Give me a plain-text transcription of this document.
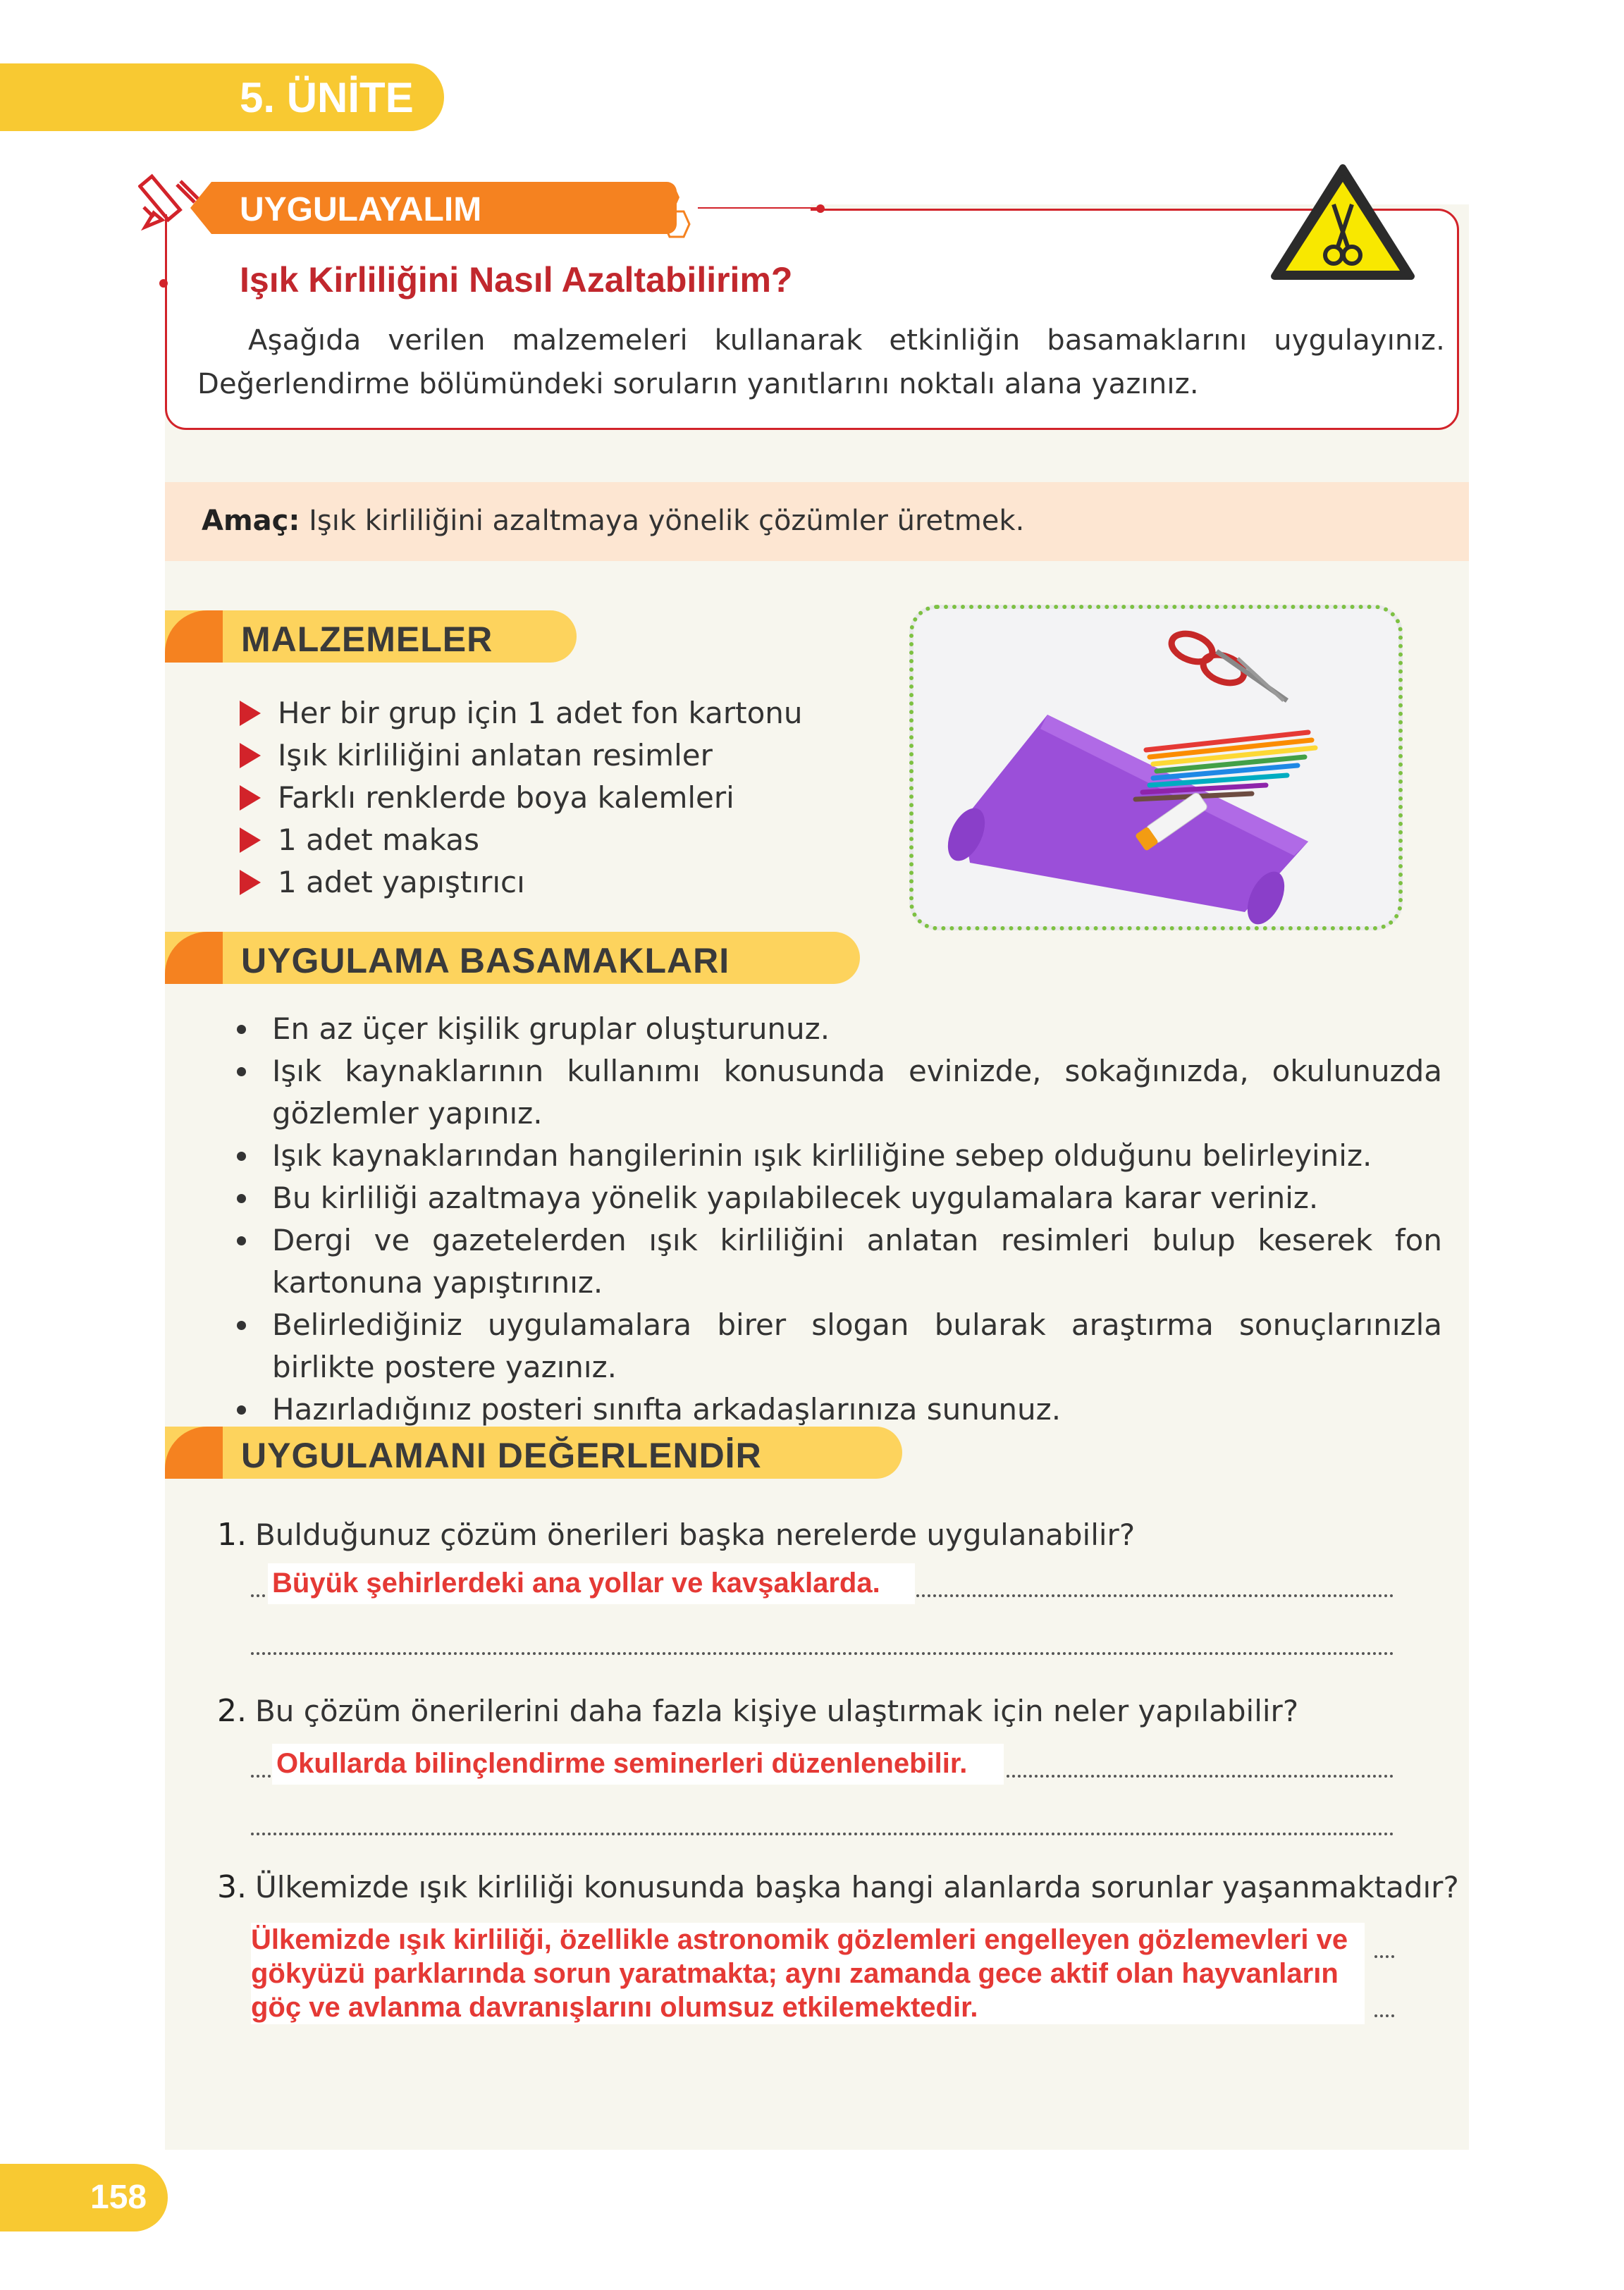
5. ÜNİTE
UYGULAYALIM
Işık Kirliliğini Nasıl Azaltabilirim?
Aşağıda verilen malzemeleri kullanarak etkinliğin basamaklarını uygulayınız. Değerlendirme bölümündeki soruların yanıtlarını noktalı alana yazınız.
Amaç: Işık kirliliğini azaltmaya yönelik çözümler üretmek.
MALZEMELER
Her bir grup için 1 adet fon kartonu
Işık kirliliğini anlatan resimler
Farklı renklerde boya kalemleri
1 adet makas
1 adet yapıştırıcı
UYGULAMA BASAMAKLARI
En az üçer kişilik gruplar oluşturunuz.
Işık kaynaklarının kullanımı konusunda evinizde, sokağınızda, okulunuzda gözlemler yapınız.
Işık kaynaklarından hangilerinin ışık kirliliğine sebep olduğunu belirleyiniz.
Bu kirliliği azaltmaya yönelik yapılabilecek uygulamalara karar veriniz.
Dergi ve gazetelerden ışık kirliliğini anlatan resimleri bulup keserek fon kartonuna yapıştırınız.
Belirlediğiniz uygulamalara birer slogan bularak araştırma sonuçlarınızla birlikte postere yazınız.
Hazırladığınız posteri sınıfta arkadaşlarınıza sununuz.
UYGULAMANI DEĞERLENDİR
1. Bulduğunuz çözüm önerileri başka nerelerde uygulanabilir?
Büyük şehirlerdeki ana yollar ve kavşaklarda.
2. Bu çözüm önerilerini daha fazla kişiye ulaştırmak için neler yapılabilir?
Okullarda bilinçlendirme seminerleri düzenlenebilir.
3. Ülkemizde ışık kirliliği konusunda başka hangi alanlarda sorunlar yaşanmaktadır?
Ülkemizde ışık kirliliği, özellikle astronomik gözlemleri engelleyen gözlemevleri ve gökyüzü parklarında sorun yaratmakta; aynı zamanda gece aktif olan hayvanların göç ve avlanma davranışlarını olumsuz etkilemektedir.
158
